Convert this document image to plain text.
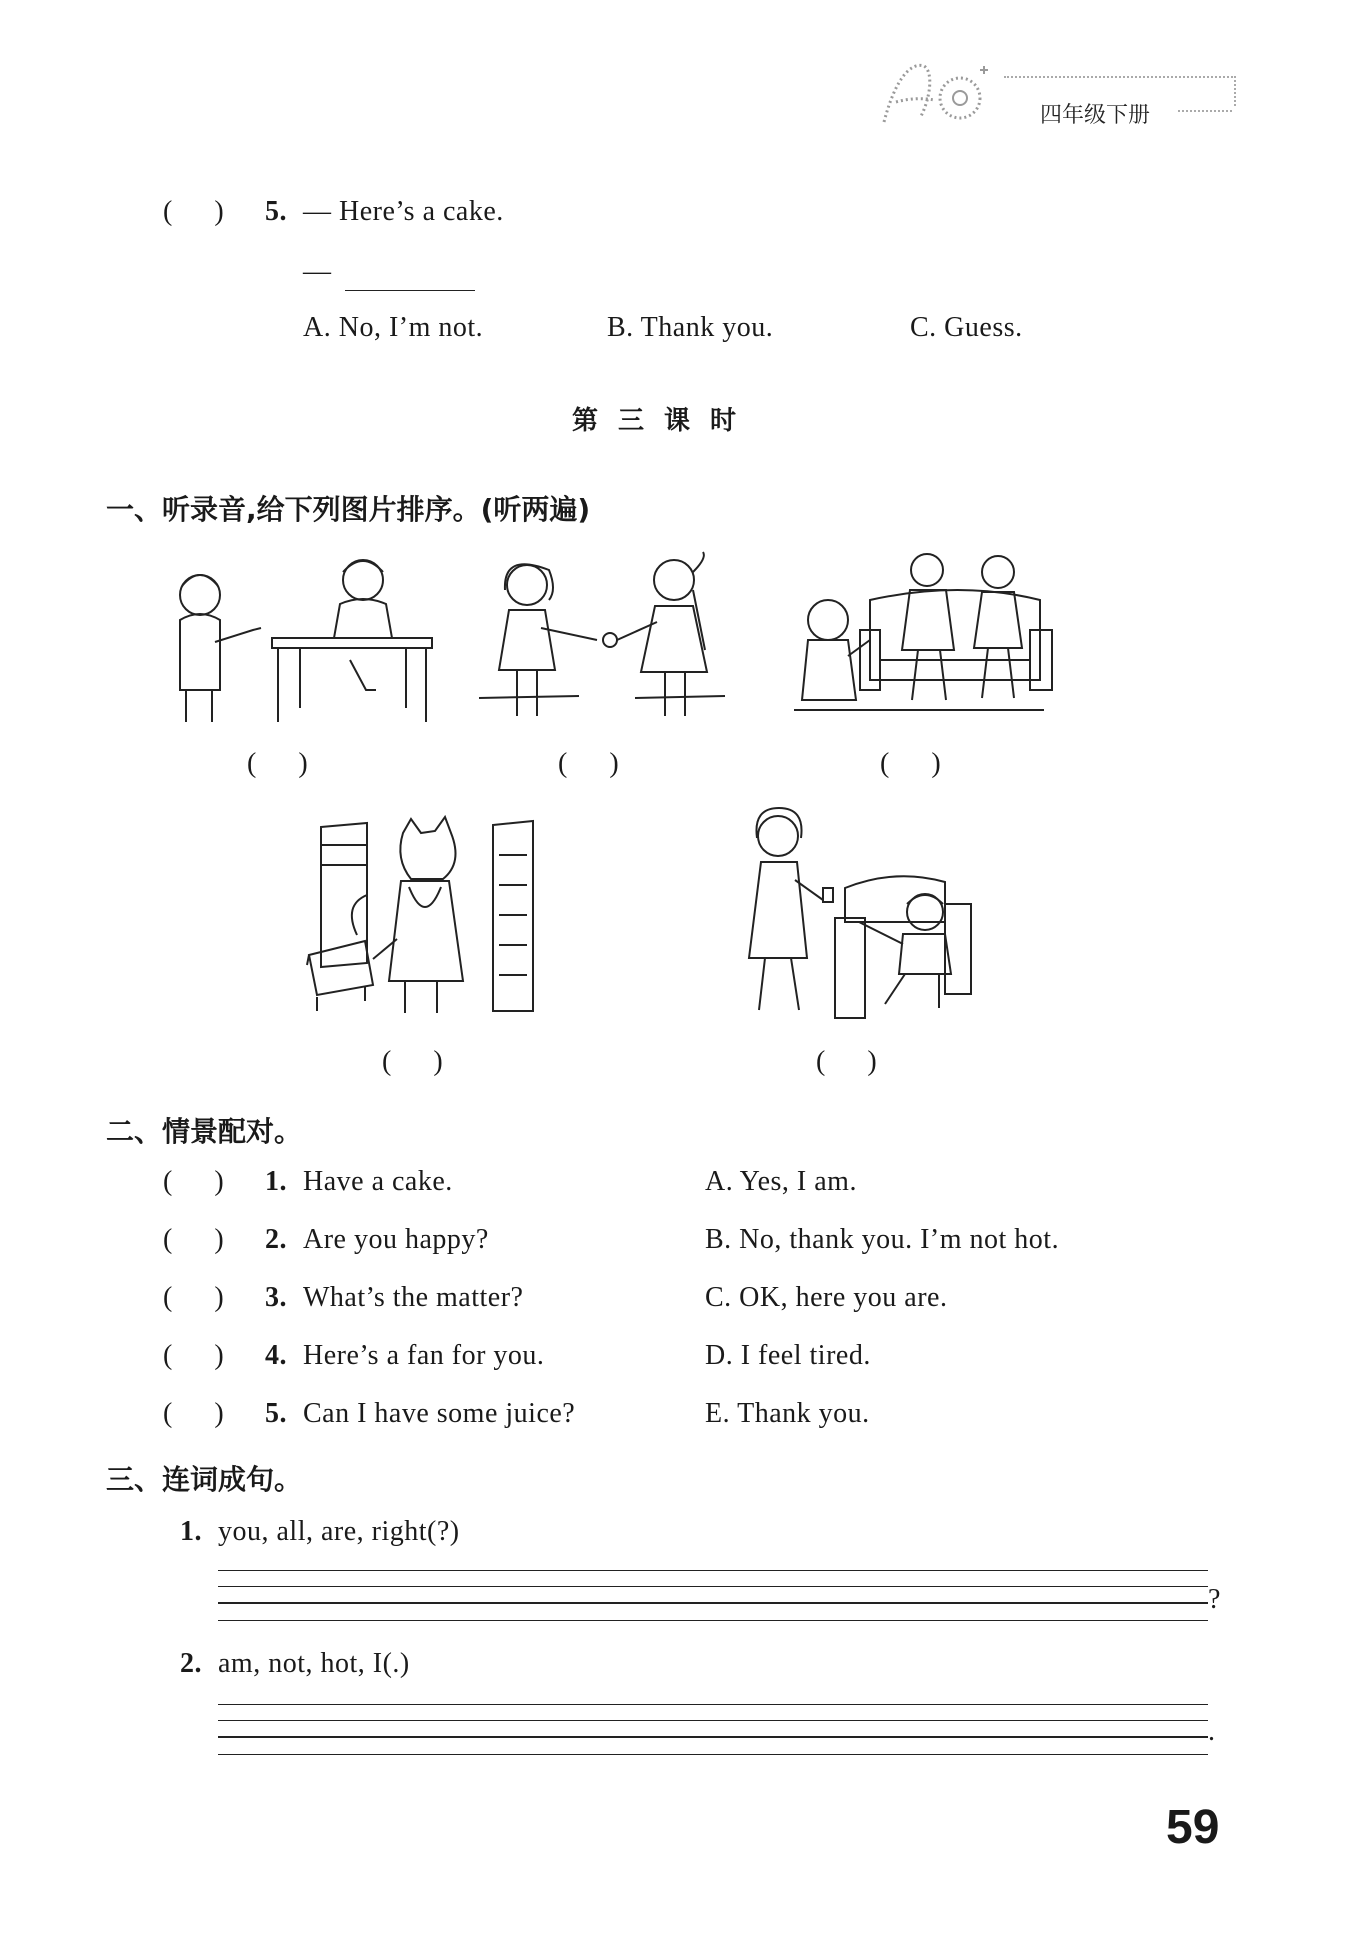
四年级下册
(      ) 5. — Here’s a cake.
—
A. No, I’m not.	B. Thank you.	C. Guess.
第三课时
一、听录音,给下列图片排序。(听两遍)
(      )	(      )	(      )
(      )	(      )
二、情景配对。
(      ) 1. Have a cake.	A. Yes, I am.
(      ) 2. Are you happy?	B. No, thank you. I’m not hot.
(      ) 3. What’s the matter?	C. OK, here you are.
(      ) 4. Here’s a fan for you.	D. I feel tired.
(      ) 5. Can I have some juice?	E. Thank you.
三、连词成句。
1. you, all, are, right(?)
?
2. am, not, hot, I(.)
.
59
